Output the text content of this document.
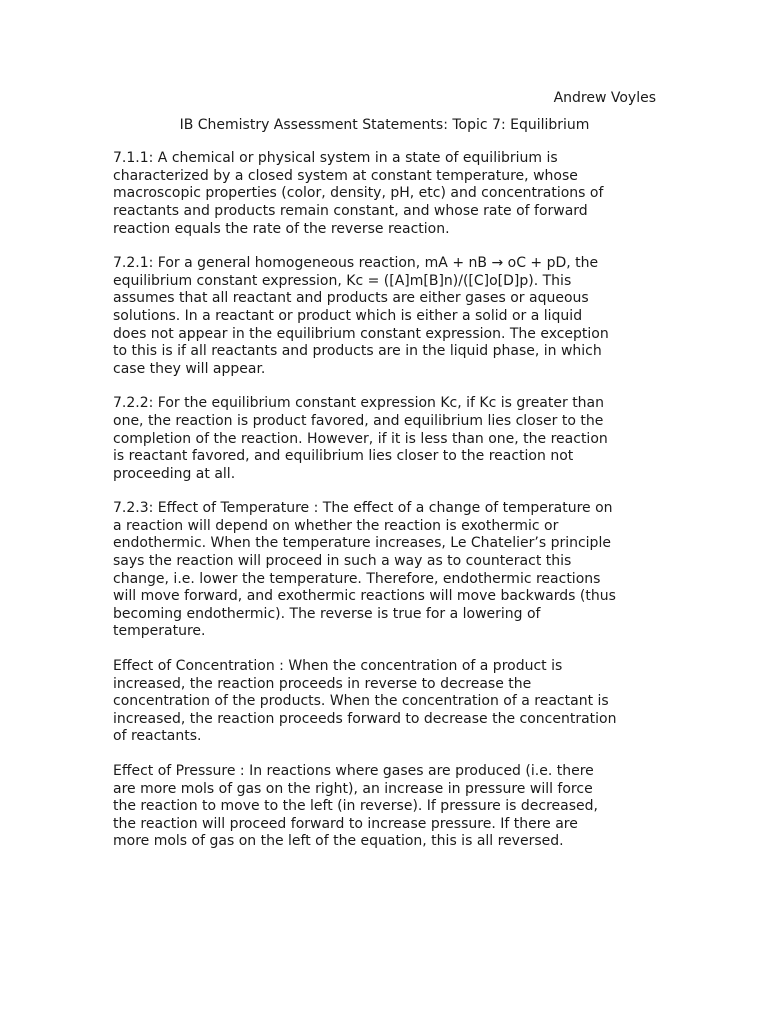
Andrew Voyles
IB Chemistry Assessment Statements: Topic 7: Equilibrium
7.1.1: A chemical or physical system in a state of equilibrium is
characterized by a closed system at constant temperature, whose
macroscopic properties (color, density, pH, etc) and concentrations of
reactants and products remain constant, and whose rate of forward
reaction equals the rate of the reverse reaction.
7.2.1: For a general homogeneous reaction, mA + nB → oC + pD, the
equilibrium constant expression, Kc = ([A]m[B]n)/([C]o[D]p). This
assumes that all reactant and products are either gases or aqueous
solutions. In a reactant or product which is either a solid or a liquid
does not appear in the equilibrium constant expression. The exception
to this is if all reactants and products are in the liquid phase, in which
case they will appear.
7.2.2: For the equilibrium constant expression Kc, if Kc is greater than
one, the reaction is product favored, and equilibrium lies closer to the
completion of the reaction. However, if it is less than one, the reaction
is reactant favored, and equilibrium lies closer to the reaction not
proceeding at all.
7.2.3: Effect of Temperature : The effect of a change of temperature on
a reaction will depend on whether the reaction is exothermic or
endothermic. When the temperature increases, Le Chatelier’s principle
says the reaction will proceed in such a way as to counteract this
change, i.e. lower the temperature. Therefore, endothermic reactions
will move forward, and exothermic reactions will move backwards (thus
becoming endothermic). The reverse is true for a lowering of
temperature.
Effect of Concentration : When the concentration of a product is
increased, the reaction proceeds in reverse to decrease the
concentration of the products. When the concentration of a reactant is
increased, the reaction proceeds forward to decrease the concentration
of reactants.
Effect of Pressure : In reactions where gases are produced (i.e. there
are more mols of gas on the right), an increase in pressure will force
the reaction to move to the left (in reverse). If pressure is decreased,
the reaction will proceed forward to increase pressure. If there are
more mols of gas on the left of the equation, this is all reversed.
